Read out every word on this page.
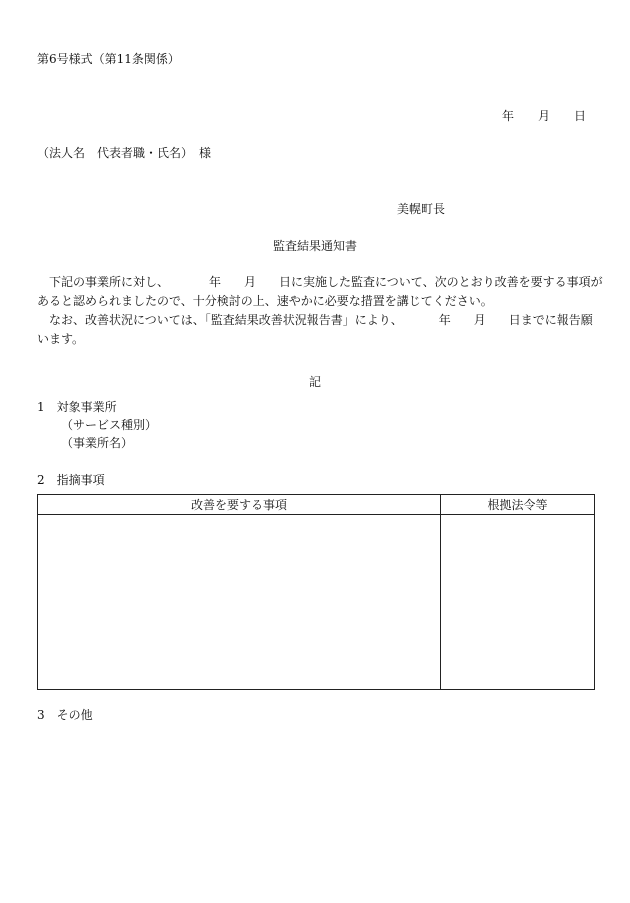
第6号様式（第11条関係）
年 月 日
（法人名　代表者職・氏名）　様
美幌町長
監査結果通知書
下記の事業所に対し、	年 月 日に実施した監査について、次のとおり改善を要する事項が
あると認められましたので、十分検討の上、速やかに必要な措置を講じてください。
なお、改善状況については、「監査結果改善状況報告書」により、	年 月 日までに報告願
います。
記
1　対象事業所
（サービス種別）
（事業所名）
2　指摘事項
改善を要する事項	根拠法令等

3　その他
